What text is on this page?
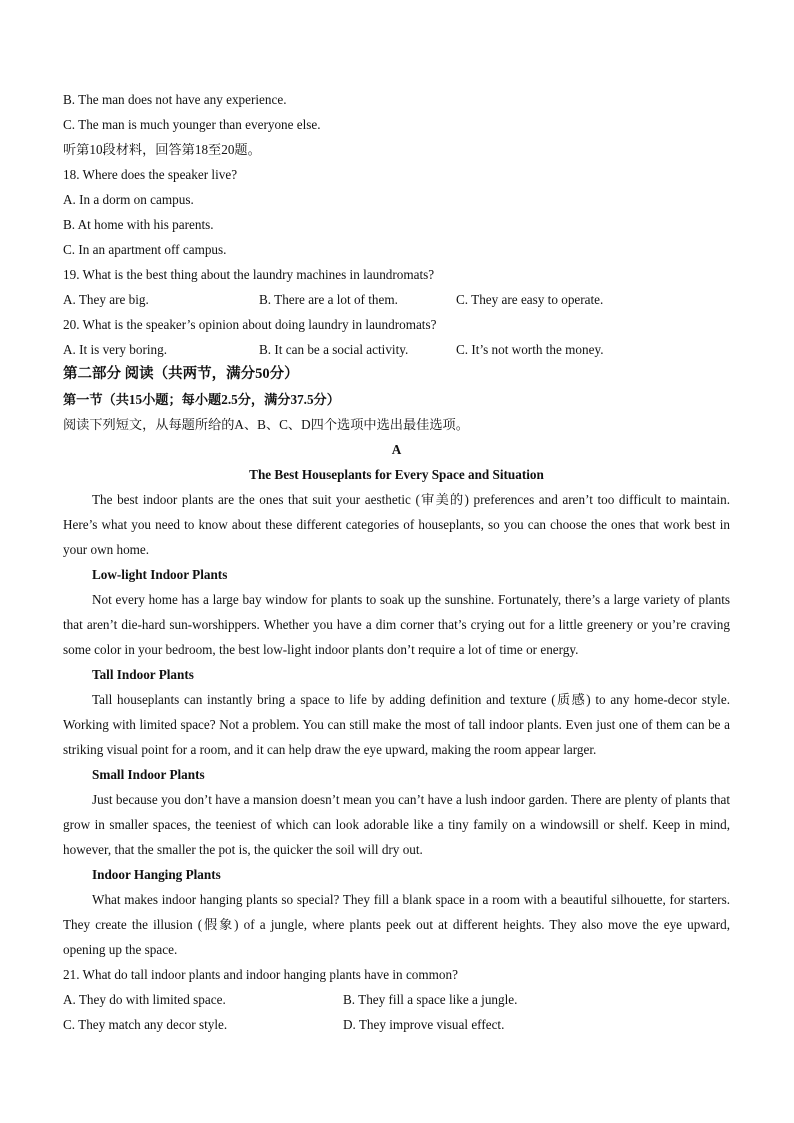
B. The man does not have any experience.
C. The man is much younger than everyone else.
听第10段材料，回答第18至20题。
18. Where does the speaker live?
A. In a dorm on campus.
B. At home with his parents.
C. In an apartment off campus.
19. What is the best thing about the laundry machines in laundromats?
A. They are big.	B. There are a lot of them.	C. They are easy to operate.
20. What is the speaker’s opinion about doing laundry in laundromats?
A. It is very boring.	B. It can be a social activity.	C. It’s not worth the money.
第二部分 阅读（共两节，满分50分）
第一节（共15小题；每小题2.5分，满分37.5分）
阅读下列短文，从每题所给的A、B、C、D四个选项中选出最佳选项。
A
The Best Houseplants for Every Space and Situation

The best indoor plants are the ones that suit your aesthetic (审美的) preferences and aren’t too difficult to maintain. Here’s what you need to know about these different categories of houseplants, so you can choose the ones that work best in your own home.

Low-light Indoor Plants

Not every home has a large bay window for plants to soak up the sunshine. Fortunately, there’s a large variety of plants that aren’t die-hard sun-worshippers. Whether you have a dim corner that’s crying out for a little greenery or you’re craving some color in your bedroom, the best low-light indoor plants don’t require a lot of time or energy.

Tall Indoor Plants

Tall houseplants can instantly bring a space to life by adding definition and texture (质感) to any home-decor style. Working with limited space? Not a problem. You can still make the most of tall indoor plants. Even just one of them can be a striking visual point for a room, and it can help draw the eye upward, making the room appear larger.

Small Indoor Plants

Just because you don’t have a mansion doesn’t mean you can’t have a lush indoor garden. There are plenty of plants that grow in smaller spaces, the teeniest of which can look adorable like a tiny family on a windowsill or shelf. Keep in mind, however, that the smaller the pot is, the quicker the soil will dry out.

Indoor Hanging Plants

What makes indoor hanging plants so special? They fill a blank space in a room with a beautiful silhouette, for starters. They create the illusion (假象) of a jungle, where plants peek out at different heights. They also move the eye upward, opening up the space.

21. What do tall indoor plants and indoor hanging plants have in common?
A. They do with limited space.	B. They fill a space like a jungle.
C. They match any decor style.	D. They improve visual effect.
